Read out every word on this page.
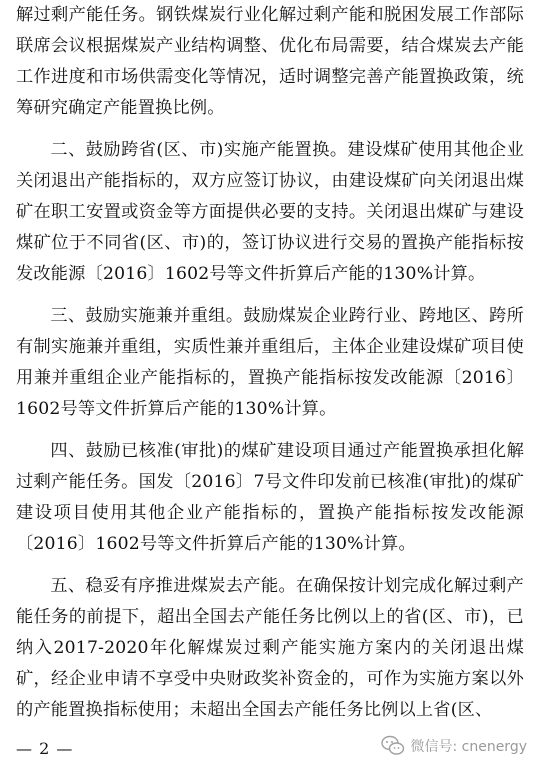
解过剩产能任务。钢铁煤炭行业化解过剩产能和脱困发展工作部际联席会议根据煤炭产业结构调整、优化布局需要，结合煤炭去产能工作进度和市场供需变化等情况，适时调整完善产能置换政策，统筹研究确定产能置换比例。

二、鼓励跨省(区、市)实施产能置换。建设煤矿使用其他企业关闭退出产能指标的，双方应签订协议，由建设煤矿向关闭退出煤矿在职工安置或资金等方面提供必要的支持。关闭退出煤矿与建设煤矿位于不同省(区、市)的，签订协议进行交易的置换产能指标按发改能源〔2016〕1602号等文件折算后产能的130%计算。

三、鼓励实施兼并重组。鼓励煤炭企业跨行业、跨地区、跨所有制实施兼并重组，实质性兼并重组后，主体企业建设煤矿项目使用兼并重组企业产能指标的，置换产能指标按发改能源〔2016〕1602号等文件折算后产能的130%计算。

四、鼓励已核准(审批)的煤矿建设项目通过产能置换承担化解过剩产能任务。国发〔2016〕7号文件印发前已核准(审批)的煤矿建设项目使用其他企业产能指标的，置换产能指标按发改能源〔2016〕1602号等文件折算后产能的130%计算。

五、稳妥有序推进煤炭去产能。在确保按计划完成化解过剩产能任务的前提下，超出全国去产能任务比例以上的省(区、市)，已纳入2017-2020年化解煤炭过剩产能实施方案内的关闭退出煤矿，经企业申请不享受中央财政奖补资金的，可作为实施方案以外的产能置换指标使用；未超出全国去产能任务比例以上省(区、

— 2 —	微信号: cnenergy
